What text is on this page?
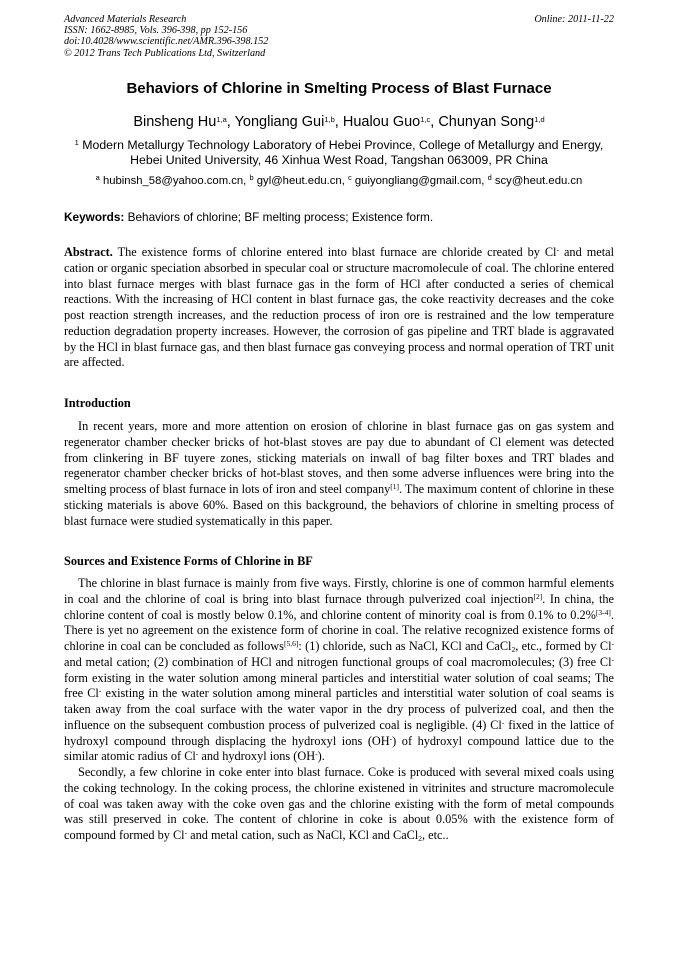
Advanced Materials Research
ISSN: 1662-8985, Vols. 396-398, pp 152-156
doi:10.4028/www.scientific.net/AMR.396-398.152
© 2012 Trans Tech Publications Ltd, Switzerland
Online: 2011-11-22
Behaviors of Chlorine in Smelting Process of Blast Furnace
Binsheng Hu$^{1,a}$, Yongliang Gui$^{1,b}$, Hualou Guo$^{1,c}$, Chunyan Song$^{1,d}$
$^1$ Modern Metallurgy Technology Laboratory of Hebei Province, College of Metallurgy and Energy,
Hebei United University, 46 Xinhua West Road, Tangshan 063009, PR China
$^a$ hubinsh_58@yahoo.com.cn, $^b$ gyl@heut.edu.cn, $^c$ guiyongliang@gmail.com, $^d$ scy@heut.edu.cn
Keywords: Behaviors of chlorine; BF melting process; Existence form.

Abstract. The existence forms of chlorine entered into blast furnace are chloride created by Cl- and metal cation or organic speciation absorbed in specular coal or structure macromolecule of coal. The chlorine entered into blast furnace merges with blast furnace gas in the form of HCl after conducted a series of chemical reactions. With the increasing of HCl content in blast furnace gas, the coke reactivity decreases and the coke post reaction strength increases, and the reduction process of iron ore is restrained and the low temperature reduction degradation property increases. However, the corrosion of gas pipeline and TRT blade is aggravated by the HCl in blast furnace gas, and then blast furnace gas conveying process and normal operation of TRT unit are affected.

Introduction

In recent years, more and more attention on erosion of chlorine in blast furnace gas on gas system and regenerator chamber checker bricks of hot-blast stoves are pay due to abundant of Cl element was detected from clinkering in BF tuyere zones, sticking materials on inwall of bag filter boxes and TRT blades and regenerator chamber checker bricks of hot-blast stoves, and then some adverse influences were bring into the smelting process of blast furnace in lots of iron and steel company[1]. The maximum content of chlorine in these sticking materials is above 60%. Based on this background, the behaviors of chlorine in smelting process of blast furnace were studied systematically in this paper.

Sources and Existence Forms of Chlorine in BF

The chlorine in blast furnace is mainly from five ways. Firstly, chlorine is one of common harmful elements in coal and the chlorine of coal is bring into blast furnace through pulverized coal injection[2]. In china, the chlorine content of coal is mostly below 0.1%, and chlorine content of minority coal is from 0.1% to 0.2%[3-4]. There is yet no agreement on the existence form of chorine in coal. The relative recognized existence forms of chlorine in coal can be concluded as follows[5,6]: (1) chloride, such as NaCl, KCl and CaCl$_2$, etc., formed by Cl- and metal cation; (2) combination of HCl and nitrogen functional groups of coal macromolecules; (3) free Cl- form existing in the water solution among mineral particles and interstitial water solution of coal seams; The free Cl- existing in the water solution among mineral particles and interstitial water solution of coal seams is taken away from the coal surface with the water vapor in the dry process of pulverized coal, and then the influence on the subsequent combustion process of pulverized coal is negligible. (4) Cl- fixed in the lattice of hydroxyl compound through displacing the hydroxyl ions (OH-) of hydroxyl compound lattice due to the similar atomic radius of Cl- and hydroxyl ions (OH-).

Secondly, a few chlorine in coke enter into blast furnace. Coke is produced with several mixed coals using the coking technology. In the coking process, the chlorine existened in vitrinites and structure macromolecule of coal was taken away with the coke oven gas and the chlorine existing with the form of metal compounds was still preserved in coke. The content of chlorine in coke is about 0.05% with the existence form of compound formed by Cl- and metal cation, such as NaCl, KCl and CaCl$_2$, etc..
